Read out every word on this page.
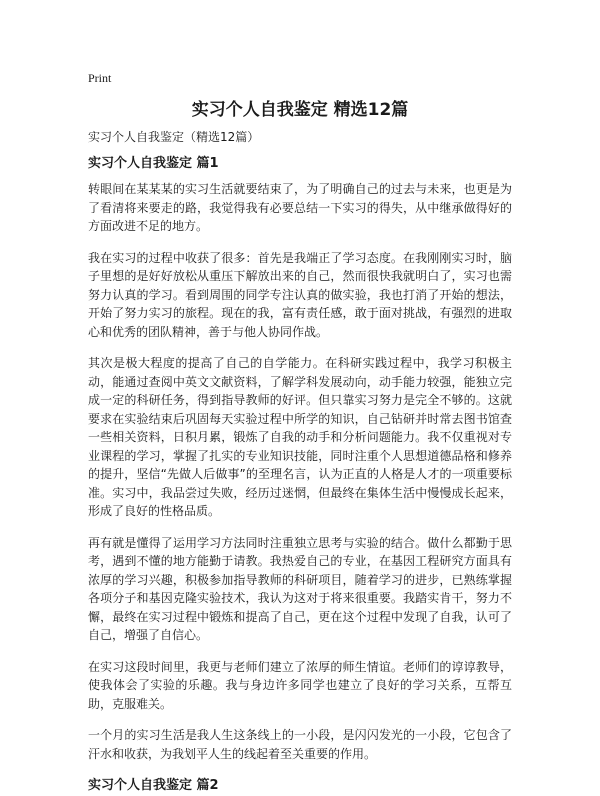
Print
实习个人自我鉴定 精选12篇
实习个人自我鉴定（精选12篇）
实习个人自我鉴定 篇1

转眼间在某某某的实习生活就要结束了，为了明确自己的过去与未来，也更是为了看清将来要走的路，我觉得我有必要总结一下实习的得失，从中继承做得好的方面改进不足的地方。

我在实习的过程中收获了很多：首先是我端正了学习态度。在我刚刚实习时，脑子里想的是好好放松从重压下解放出来的自己，然而很快我就明白了，实习也需努力认真的学习。看到周围的同学专注认真的做实验，我也打消了开始的想法，开始了努力实习的旅程。现在的我，富有责任感，敢于面对挑战，有强烈的进取心和优秀的团队精神，善于与他人协同作战。

其次是极大程度的提高了自己的自学能力。在科研实践过程中，我学习积极主动，能通过查阅中英文文献资料，了解学科发展动向，动手能力较强，能独立完成一定的科研任务，得到指导教师的好评。但只靠实习努力是完全不够的。这就要求在实验结束后巩固每天实验过程中所学的知识，自己钻研并时常去图书馆查一些相关资料，日积月累，锻炼了自我的动手和分析问题能力。我不仅重视对专业课程的学习，掌握了扎实的专业知识技能，同时注重个人思想道德品格和修养的提升，坚信“先做人后做事”的至理名言，认为正直的人格是人才的一项重要标准。实习中，我品尝过失败，经历过迷惘，但最终在集体生活中慢慢成长起来，形成了良好的性格品质。

再有就是懂得了运用学习方法同时注重独立思考与实验的结合。做什么都勤于思考，遇到不懂的地方能勤于请教。我热爱自己的专业，在基因工程研究方面具有浓厚的学习兴趣，积极参加指导教师的科研项目，随着学习的进步，已熟练掌握各项分子和基因克隆实验技术，我认为这对于将来很重要。我踏实肯干，努力不懈，最终在实习过程中锻炼和提高了自己，更在这个过程中发现了自我，认可了自己，增强了自信心。

在实习这段时间里，我更与老师们建立了浓厚的师生情谊。老师们的谆谆教导，使我体会了实验的乐趣。我与身边许多同学也建立了良好的学习关系，互帮互助，克服难关。

一个月的实习生活是我人生这条线上的一小段，是闪闪发光的一小段，它包含了汗水和收获，为我划平人生的线起着至关重要的作用。

实习个人自我鉴定 篇2
